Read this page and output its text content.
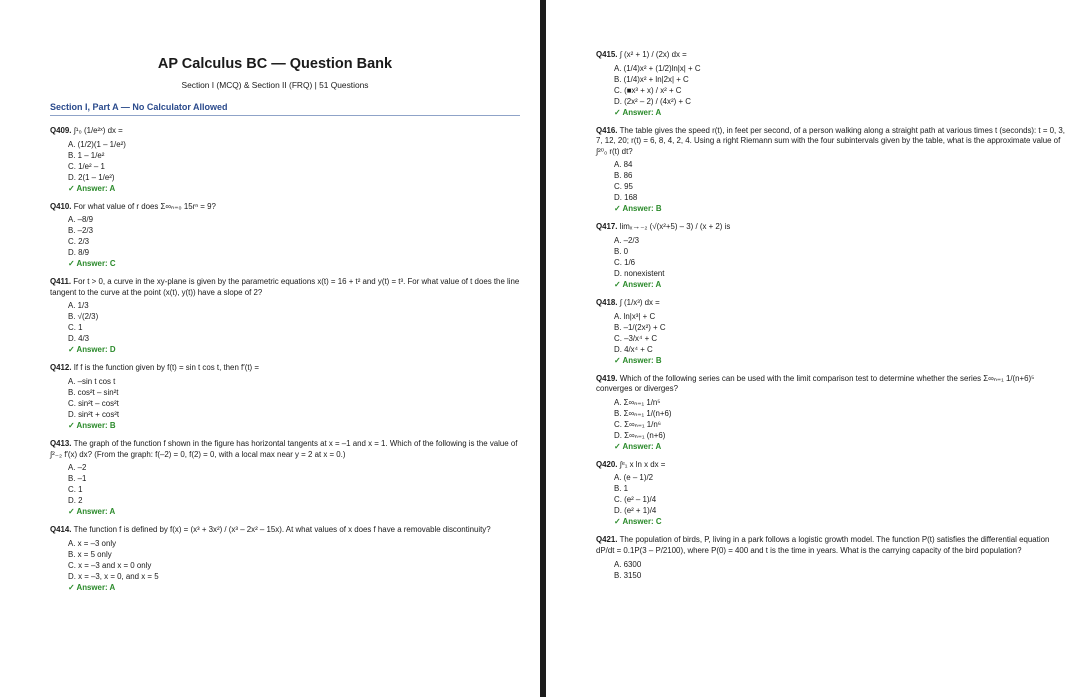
AP Calculus BC — Question Bank
Section I (MCQ) & Section II (FRQ) | 51 Questions
Section I, Part A — No Calculator Allowed
Q409. ∫¹₀ (1/e²ˣ) dx =
A. (1/2)(1 – 1/e²)
B. 1 – 1/e²
C. 1/e² – 1
D. 2(1 – 1/e²)
✓ Answer: A
Q410. For what value of r does Σ∞ₙ₌₀ 15rⁿ = 9?
A. –8/9
B. –2/3
C. 2/3
D. 8/9
✓ Answer: C
Q411. For t > 0, a curve in the xy-plane is given by the parametric equations x(t) = 16 + t² and y(t) = t³. For what value of t does the line tangent to the curve at the point (x(t), y(t)) have a slope of 2?
A. 1/3
B. √(2/3)
C. 1
D. 4/3
✓ Answer: D
Q412. If f is the function given by f(t) = sin t cos t, then f′(t) =
A. –sin t cos t
B. cos²t – sin²t
C. sin²t – cos²t
D. sin²t + cos²t
✓ Answer: B
Q413. The graph of the function f shown in the figure has horizontal tangents at x = –1 and x = 1. Which of the following is the value of ∫²₋₂ f′(x) dx? (From the graph: f(–2) = 0, f(2) = 0, with a local max near y = 2 at x = 0.)
A. –2
B. –1
C. 1
D. 2
✓ Answer: A
Q414. The function f is defined by f(x) = (x³ + 3x²) / (x³ – 2x² – 15x). At what values of x does f have a removable discontinuity?
A. x = –3 only
B. x = 5 only
C. x = –3 and x = 0 only
D. x = –3, x = 0, and x = 5
✓ Answer: A
Q415. ∫ (x² + 1) / (2x) dx =
A. (1/4)x² + (1/2)ln|x| + C
B. (1/4)x² + ln|2x| + C
C. (■x³ + x) / x² + C
D. (2x² – 2) / (4x²) + C
✓ Answer: A
Q416. The table gives the speed r(t), in feet per second, of a person walking along a straight path at various times t (seconds): t = 0, 3, 7, 12, 20; r(t) = 6, 8, 4, 2, 4. Using a right Riemann sum with the four subintervals given by the table, what is the approximate value of ∫²⁰₀ r(t) dt?
A. 84
B. 86
C. 95
D. 168
✓ Answer: B
Q417. limₓ→₋₂ (√(x²+5) – 3) / (x + 2) is
A. –2/3
B. 0
C. 1/6
D. nonexistent
✓ Answer: A
Q418. ∫ (1/x³) dx =
A. ln|x³| + C
B. –1/(2x²) + C
C. –3/x⁴ + C
D. 4/x⁴ + C
✓ Answer: B
Q419. Which of the following series can be used with the limit comparison test to determine whether the series Σ∞ₙ₌₁ 1/(n+6)⁵ converges or diverges?
A. Σ∞ₙ₌₁ 1/n⁵
B. Σ∞ₙ₌₁ 1/(n+6)
C. Σ∞ₙ₌₁ 1/n⁶
D. Σ∞ₙ₌₁ (n+6)
✓ Answer: A
Q420. ∫ᵉ₁ x ln x dx =
A. (e – 1)/2
B. 1
C. (e² – 1)/4
D. (e² + 1)/4
✓ Answer: C
Q421. The population of birds, P, living in a park follows a logistic growth model. The function P(t) satisfies the differential equation dP/dt = 0.1P(3 – P/2100), where P(0) = 400 and t is the time in years. What is the carrying capacity of the bird population?
A. 6300
B. 3150
